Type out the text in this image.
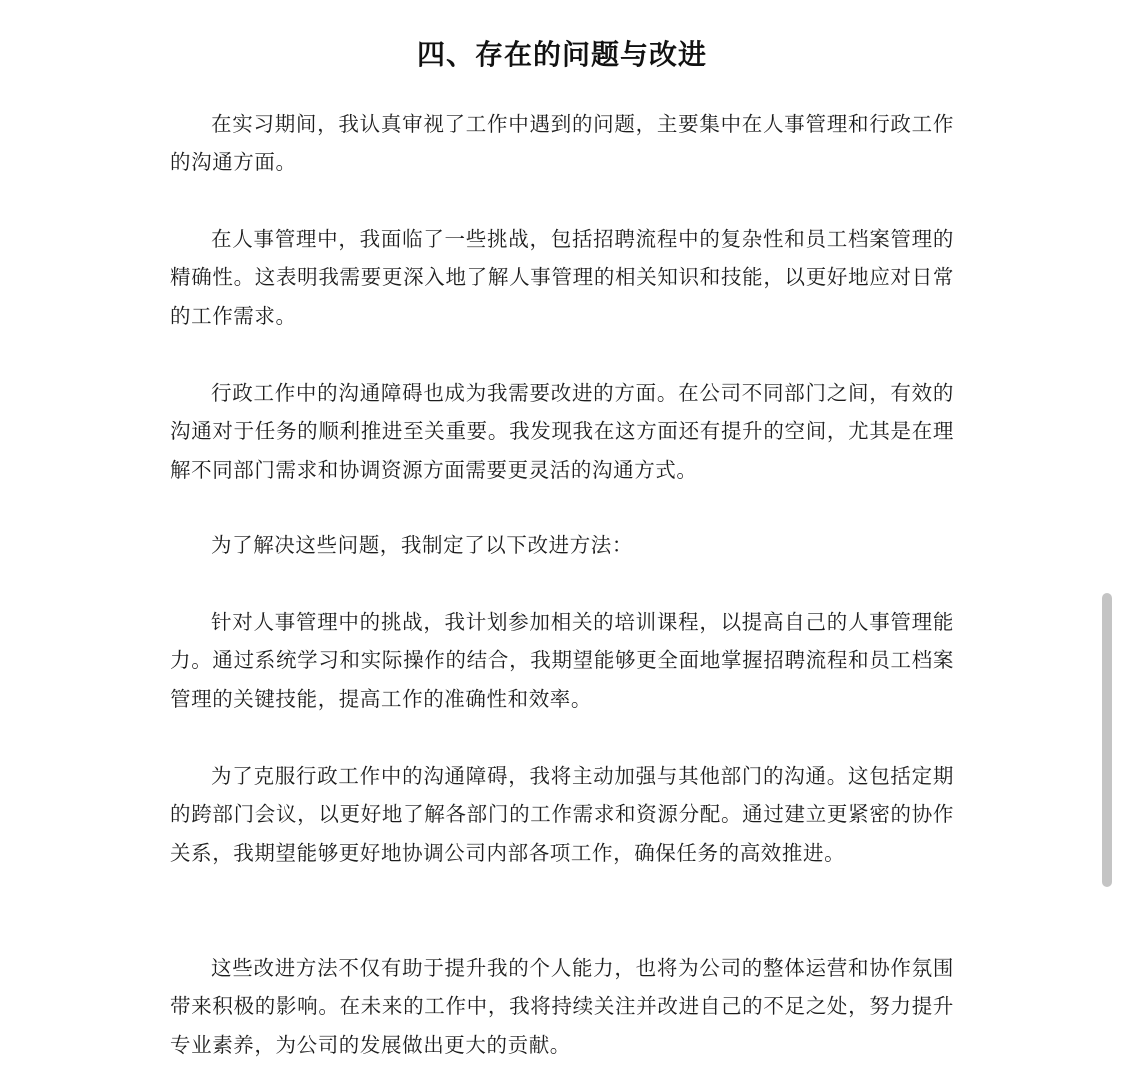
四、存在的问题与改进

在实习期间，我认真审视了工作中遇到的问题，主要集中在人事管理和行政工作的沟通方面。

在人事管理中，我面临了一些挑战，包括招聘流程中的复杂性和员工档案管理的精确性。这表明我需要更深入地了解人事管理的相关知识和技能，以更好地应对日常的工作需求。

行政工作中的沟通障碍也成为我需要改进的方面。在公司不同部门之间，有效的沟通对于任务的顺利推进至关重要。我发现我在这方面还有提升的空间，尤其是在理解不同部门需求和协调资源方面需要更灵活的沟通方式。

为了解决这些问题，我制定了以下改进方法：

针对人事管理中的挑战，我计划参加相关的培训课程，以提高自己的人事管理能力。通过系统学习和实际操作的结合，我期望能够更全面地掌握招聘流程和员工档案管理的关键技能，提高工作的准确性和效率。

为了克服行政工作中的沟通障碍，我将主动加强与其他部门的沟通。这包括定期的跨部门会议，以更好地了解各部门的工作需求和资源分配。通过建立更紧密的协作关系，我期望能够更好地协调公司内部各项工作，确保任务的高效推进。

这些改进方法不仅有助于提升我的个人能力，也将为公司的整体运营和协作氛围带来积极的影响。在未来的工作中，我将持续关注并改进自己的不足之处，努力提升专业素养，为公司的发展做出更大的贡献。
